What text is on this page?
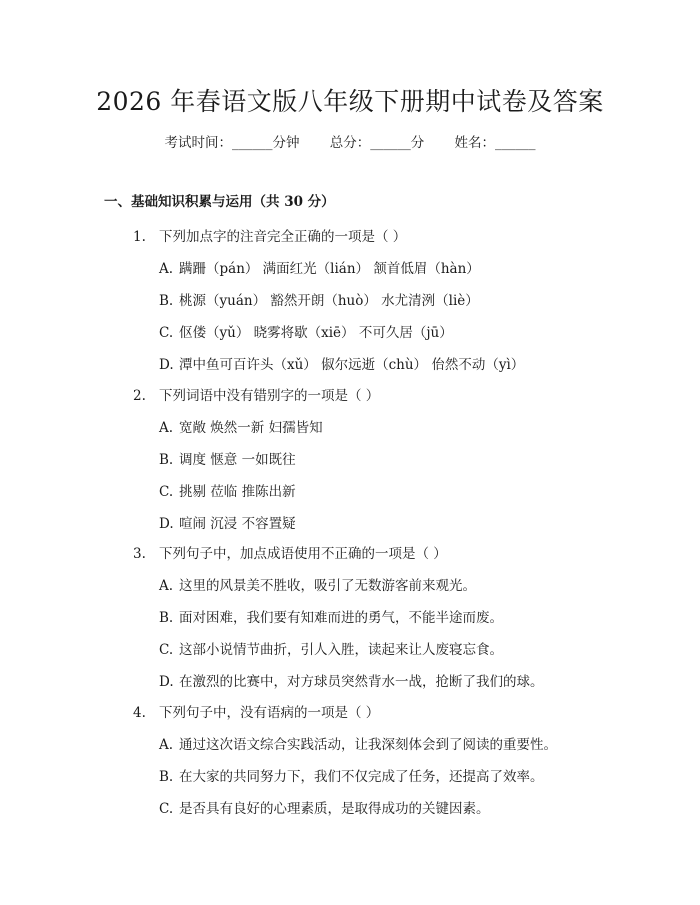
2026 年春语文版八年级下册期中试卷及答案
考试时间：______分钟 总分：______分 姓名：______
一、基础知识积累与运用（共 30 分）
1. 下列加点字的注音完全正确的一项是（ ）
A. 蹒跚（pán） 满面红光（lián） 颔首低眉（hàn）
B. 桃源（yuán） 豁然开朗（huò） 水尤清洌（liè）
C. 伛偻（yǔ） 晓雾将歇（xiē） 不可久居（jū）
D. 潭中鱼可百许头（xǔ） 俶尔远逝（chù） 佁然不动（yì）
2. 下列词语中没有错别字的一项是（ ）
A. 宽敞 焕然一新 妇孺皆知
B. 调度 惬意 一如既往
C. 挑剔 莅临 推陈出新
D. 喧闹 沉浸 不容置疑
3. 下列句子中，加点成语使用不正确的一项是（ ）
A. 这里的风景美不胜收，吸引了无数游客前来观光。
B. 面对困难，我们要有知难而进的勇气，不能半途而废。
C. 这部小说情节曲折，引人入胜，读起来让人废寝忘食。
D. 在激烈的比赛中，对方球员突然背水一战，抢断了我们的球。
4. 下列句子中，没有语病的一项是（ ）
A. 通过这次语文综合实践活动，让我深刻体会到了阅读的重要性。
B. 在大家的共同努力下，我们不仅完成了任务，还提高了效率。
C. 是否具有良好的心理素质，是取得成功的关键因素。
